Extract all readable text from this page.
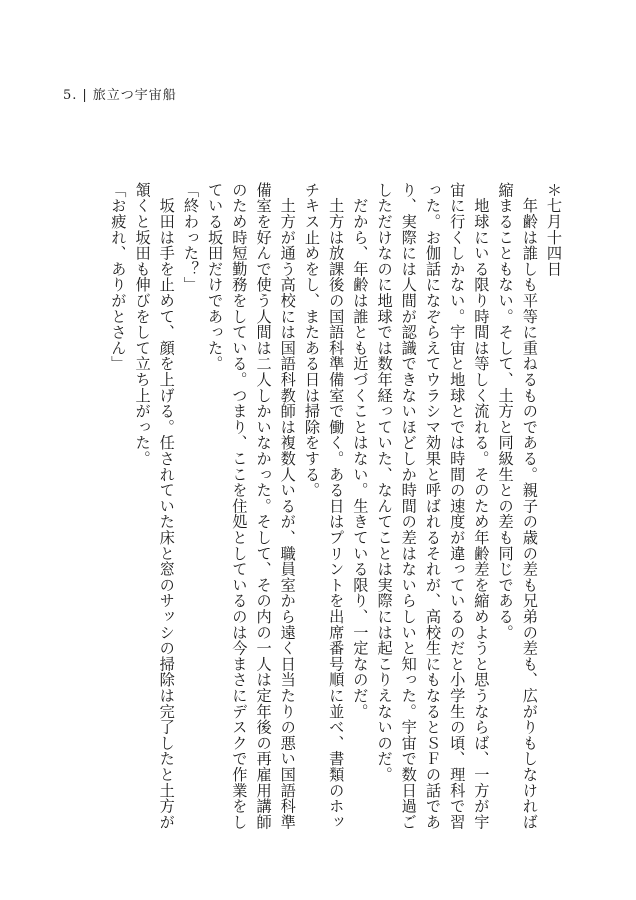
5. | 旅立つ宇宙船

＊七月十四日

　年齢は誰しも平等に重ねるものである。親子の歳の差も兄弟の差も、広がりもしなければ縮まることもない。そして、土方と同級生との差も同じである。

　地球にいる限り時間は等しく流れる。そのため年齢差を縮めようと思うならば、一方が宇宙に行くしかない。宇宙と地球とでは時間の速度が違っているのだと小学生の頃、理科で習った。お伽話になぞらえてウラシマ効果と呼ばれるそれが、高校生にもなるとＳＦの話であり、実際には人間が認識できないほどしか時間の差はないらしいと知った。宇宙で数日過ごしただけなのに地球では数年経っていた、なんてことは実際には起こりえないのだ。

　だから、年齢は誰とも近づくことはない。生きている限り、一定なのだ。

　土方は放課後の国語科準備室で働く。ある日はプリントを出席番号順に並べ、書類のホッチキス止めをし、またある日は掃除をする。

　土方が通う高校には国語科教師は複数人いるが、職員室から遠く日当たりの悪い国語科準備室を好んで使う人間は二人しかいなかった。そして、その内の一人は定年後の再雇用講師のため時短勤務をしている。つまり、ここを住処としているのは今まさにデスクで作業をしている坂田だけであった。

「終わった？」

　坂田は手を止めて、顔を上げる。任されていた床と窓のサッシの掃除は完了したと土方が頷くと坂田も伸びをして立ち上がった。

「お疲れ、ありがとさん」
